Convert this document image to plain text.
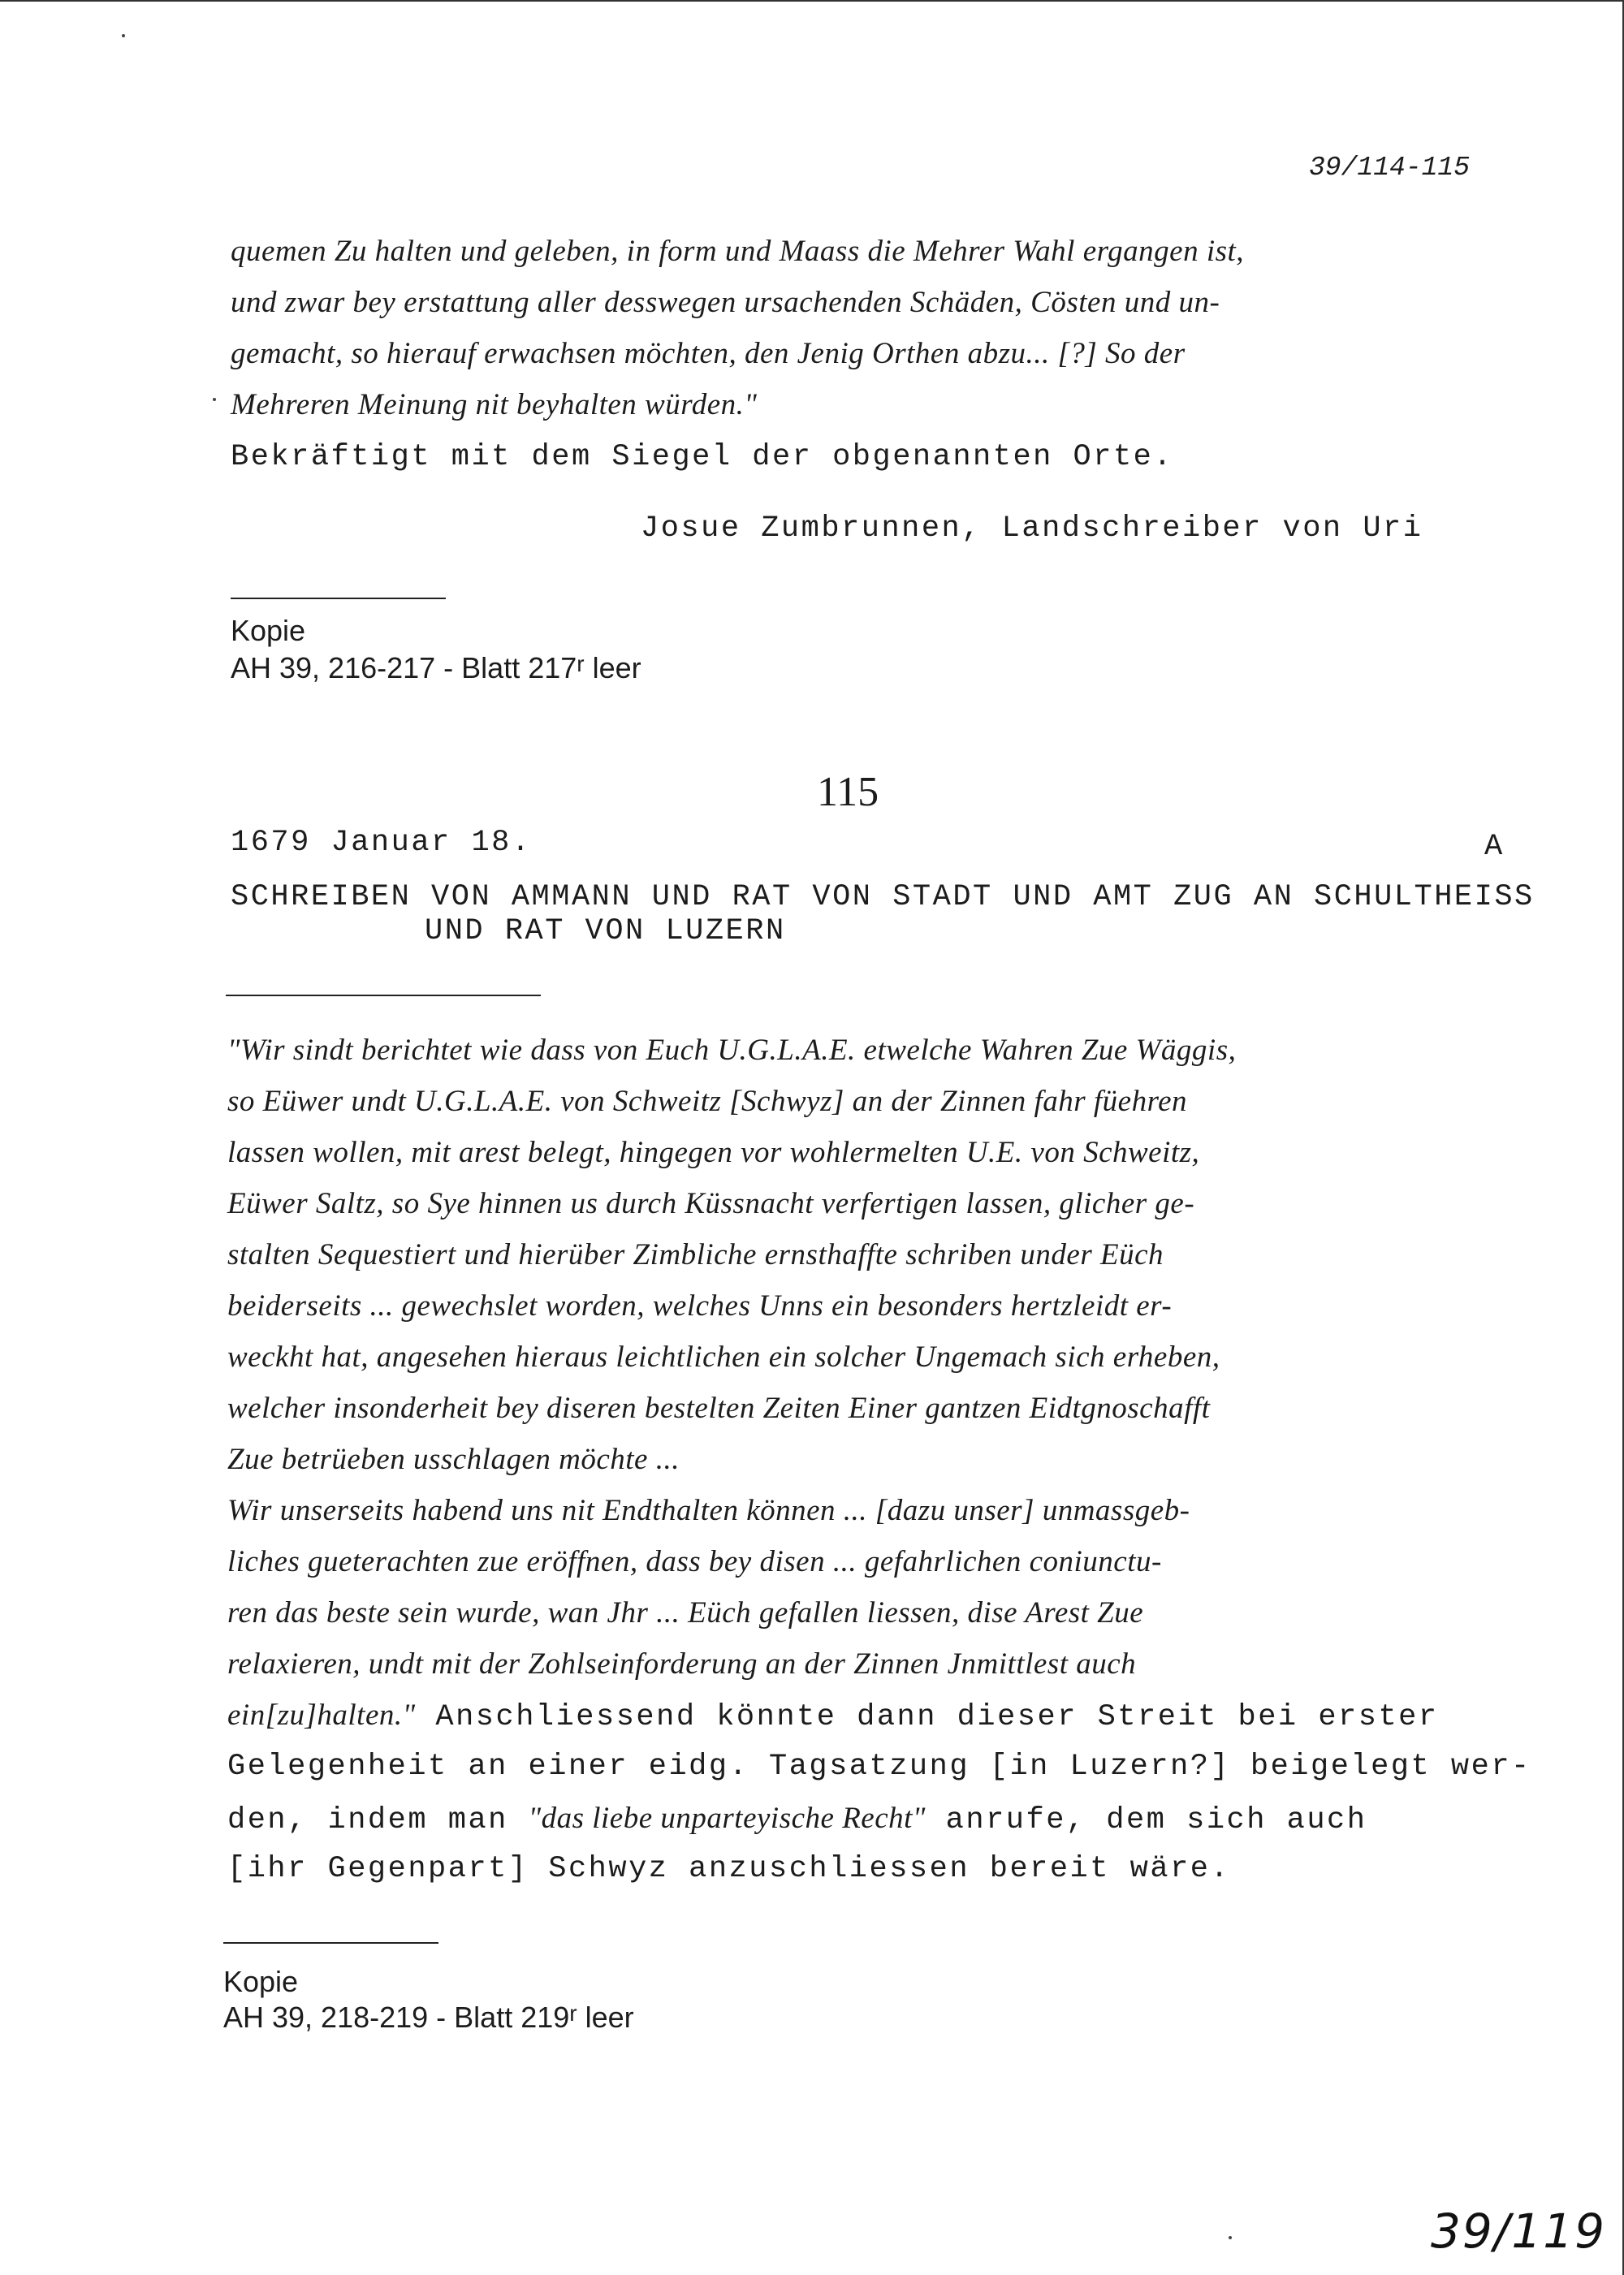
39/114-115
quemen Zu halten und geleben, in form und Maass die Mehrer Wahl ergangen ist,
und zwar bey erstattung aller desswegen ursachenden Schäden, Cösten und un-
gemacht, so hierauf erwachsen möchten, den Jenig Orthen abzu... [?] So der
Mehreren Meinung nit beyhalten würden."
Bekräftigt mit dem Siegel der obgenannten Orte.
Josue Zumbrunnen, Landschreiber von Uri
Kopie
AH 39, 216-217 - Blatt 217$^r$ leer
115
1679 Januar 18.	A
SCHREIBEN VON AMMANN UND RAT VON STADT UND AMT ZUG AN SCHULTHEISS
UND RAT VON LUZERN
"Wir sindt berichtet wie dass von Euch U.G.L.A.E. etwelche Wahren Zue Wäggis,
so Eüwer undt U.G.L.A.E. von Schweitz [Schwyz] an der Zinnen fahr füehren
lassen wollen, mit arest belegt, hingegen vor wohlermelten U.E. von Schweitz,
Eüwer Saltz, so Sye hinnen us durch Küssnacht verfertigen lassen, glicher ge-
stalten Sequestiert und hierüber Zimbliche ernsthaffte schriben under Eüch
beiderseits ... gewechslet worden, welches Unns ein besonders hertzleidt er-
weckht hat, angesehen hieraus leichtlichen ein solcher Ungemach sich erheben,
welcher insonderheit bey diseren bestelten Zeiten Einer gantzen Eidtgnoschafft
Zue betrüeben usschlagen möchte ...
Wir unserseits habend uns nit Endthalten können ... [dazu unser] unmassgeb-
liches gueterachten zue eröffnen, dass bey disen ... gefahrlichen coniunctu-
ren das beste sein wurde, wan Jhr ... Eüch gefallen liessen, dise Arest Zue
relaxieren, undt mit der Zohlseinforderung an der Zinnen Jnmittlest auch
ein[zu]halten." Anschliessend könnte dann dieser Streit bei erster
Gelegenheit an einer eidg. Tagsatzung [in Luzern?] beigelegt wer-
den, indem man "das liebe unparteyische Recht" anrufe, dem sich auch
[ihr Gegenpart] Schwyz anzuschliessen bereit wäre.
Kopie
AH 39, 218-219 - Blatt 219$^r$ leer
39/119
